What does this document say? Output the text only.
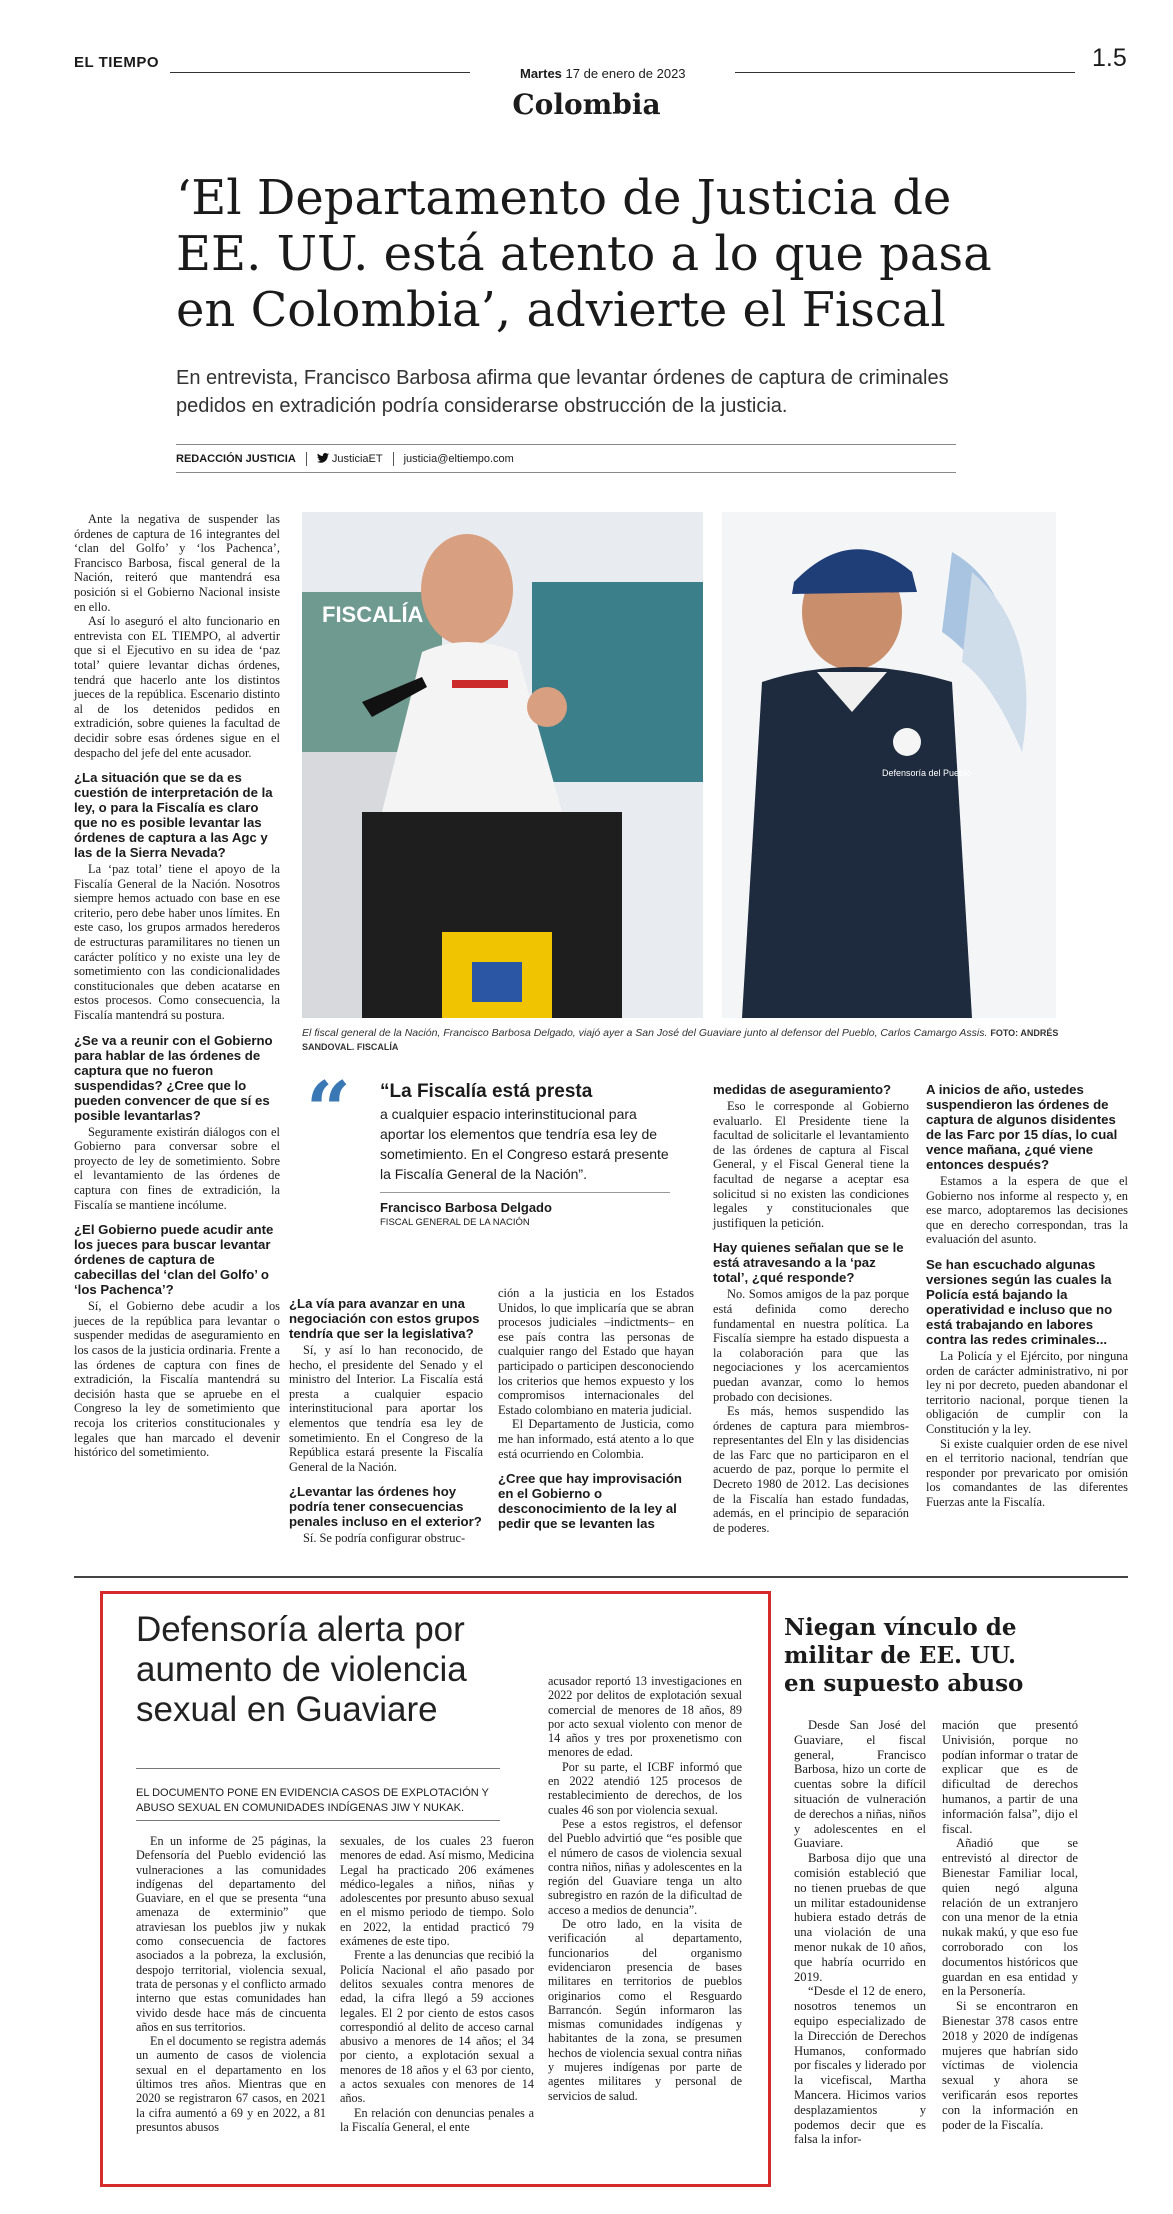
EL TIEMPO	1.5
Martes 17 de enero de 2023
Colombia
‘El Departamento de Justicia de EE. UU. está atento a lo que pasa en Colombia’, advierte el Fiscal
En entrevista, Francisco Barbosa afirma que levantar órdenes de captura de criminales pedidos en extradición podría considerarse obstrucción de la justicia.
REDACCIÓN JUSTICIA	JusticiaET justicia@eltiempo.com

Ante la negativa de suspender las órdenes de captura de 16 integrantes del ‘clan del Golfo’ y ‘los Pachenca’, Francisco Barbosa, fiscal general de la Nación, reiteró que mantendrá esa posición si el Gobierno Nacional insiste en ello.

Así lo aseguró el alto funcionario en entrevista con EL TIEMPO, al advertir que si el Ejecutivo en su idea de ‘paz total’ quiere levantar dichas órdenes, tendrá que hacerlo ante los distintos jueces de la república. Escenario distinto al de los detenidos pedidos en extradición, sobre quienes la facultad de decidir sobre esas órdenes sigue en el despacho del jefe del ente acusador.

¿La situación que se da es cuestión de interpretación de la ley, o para la Fiscalía es claro que no es posible levantar las órdenes de captura a las Agc y las de la Sierra Nevada?

La ‘paz total’ tiene el apoyo de la Fiscalía General de la Nación. Nosotros siempre hemos actuado con base en ese criterio, pero debe haber unos límites. En este caso, los grupos armados herederos de estructuras paramilitares no tienen un carácter político y no existe una ley de sometimiento con las condicionalidades constitucionales que deben acatarse en estos procesos. Como consecuencia, la Fiscalía mantendrá su postura.

¿Se va a reunir con el Gobierno para hablar de las órdenes de captura que no fueron suspendidas? ¿Cree que lo pueden convencer de que sí es posible levantarlas?

Seguramente existirán diálogos con el Gobierno para conversar sobre el proyecto de ley de sometimiento. Sobre el levantamiento de las órdenes de captura con fines de extradición, la Fiscalía se mantiene incólume.

¿El Gobierno puede acudir ante los jueces para buscar levantar órdenes de captura de cabecillas del ‘clan del Golfo’ o ‘los Pachenca’?

Sí, el Gobierno debe acudir a los jueces de la república para levantar o suspender medidas de aseguramiento en los casos de la justicia ordinaria. Frente a las órdenes de captura con fines de extradición, la Fiscalía mantendrá su decisión hasta que se apruebe en el Congreso la ley de sometimiento que recoja los criterios constitucionales y legales que han marcado el devenir histórico del sometimiento.

FISCALÍA
Defensoría del Pueblo
El fiscal general de la Nación, Francisco Barbosa Delgado, viajó ayer a San José del Guaviare junto al defensor del Pueblo, Carlos Camargo Assis. FOTO: ANDRÉS SANDOVAL. FISCALÍA
“ “La Fiscalía está presta
a cualquier espacio interinstitucional para aportar los elementos que tendría esa ley de sometimiento. En el Congreso estará presente la Fiscalía General de la Nación”.
Francisco Barbosa Delgado
FISCAL GENERAL DE LA NACIÓN

¿La vía para avanzar en una negociación con estos grupos tendría que ser la legislativa?

Sí, y así lo han reconocido, de hecho, el presidente del Senado y el ministro del Interior. La Fiscalía está presta a cualquier espacio interinstitucional para aportar los elementos que tendría esa ley de sometimiento. En el Congreso de la República estará presente la Fiscalía General de la Nación.

¿Levantar las órdenes hoy podría tener consecuencias penales incluso en el exterior?

Sí. Se podría configurar obstruc-

ción a la justicia en los Estados Unidos, lo que implicaría que se abran procesos judiciales –indictments– en ese país contra las personas de cualquier rango del Estado que hayan participado o participen desconociendo los criterios que hemos expuesto y los compromisos internacionales del Estado colombiano en materia judicial.

El Departamento de Justicia, como me han informado, está atento a lo que está ocurriendo en Colombia.

¿Cree que hay improvisación en el Gobierno o desconocimiento de la ley al pedir que se levanten las

medidas de aseguramiento?

Eso le corresponde al Gobierno evaluarlo. El Presidente tiene la facultad de solicitarle el levantamiento de las órdenes de captura al Fiscal General, y el Fiscal General tiene la facultad de negarse a aceptar esa solicitud si no existen las condiciones legales y constitucionales que justifiquen la petición.

Hay quienes señalan que se le está atravesando a la ‘paz total’, ¿qué responde?

No. Somos amigos de la paz porque está definida como derecho fundamental en nuestra política. La Fiscalía siempre ha estado dispuesta a la colaboración para que las negociaciones y los acercamientos puedan avanzar, como lo hemos probado con decisiones.

Es más, hemos suspendido las órdenes de captura para miembros-representantes del Eln y las disidencias de las Farc que no participaron en el acuerdo de paz, porque lo permite el Decreto 1980 de 2012. Las decisiones de la Fiscalía han estado fundadas, además, en el principio de separación de poderes.

A inicios de año, ustedes suspendieron las órdenes de captura de algunos disidentes de las Farc por 15 días, lo cual vence mañana, ¿qué viene entonces después?

Estamos a la espera de que el Gobierno nos informe al respecto y, en ese marco, adoptaremos las decisiones que en derecho correspondan, tras la evaluación del asunto.

Se han escuchado algunas versiones según las cuales la Policía está bajando la operatividad e incluso que no está trabajando en labores contra las redes criminales...

La Policía y el Ejército, por ninguna orden de carácter administrativo, ni por ley ni por decreto, pueden abandonar el territorio nacional, porque tienen la obligación de cumplir con la Constitución y la ley.

Si existe cualquier orden de ese nivel en el territorio nacional, tendrían que responder por prevaricato por omisión los comandantes de las diferentes Fuerzas ante la Fiscalía.

Defensoría alerta por aumento de violencia sexual en Guaviare
EL DOCUMENTO PONE EN EVIDENCIA CASOS DE EXPLOTACIÓN Y ABUSO SEXUAL EN COMUNIDADES INDÍGENAS JIW Y NUKAK.

En un informe de 25 páginas, la Defensoría del Pueblo evidenció las vulneraciones a las comunidades indígenas del departamento del Guaviare, en el que se presenta “una amenaza de exterminio” que atraviesan los pueblos jiw y nukak como consecuencia de factores asociados a la pobreza, la exclusión, despojo territorial, violencia sexual, trata de personas y el conflicto armado interno que estas comunidades han vivido desde hace más de cincuenta años en sus territorios.

En el documento se registra además un aumento de casos de violencia sexual en el departamento en los últimos tres años. Mientras que en 2020 se registraron 67 casos, en 2021 la cifra aumentó a 69 y en 2022, a 81 presuntos abusos

sexuales, de los cuales 23 fueron menores de edad. Así mismo, Medicina Legal ha practicado 206 exámenes médico-legales a niños, niñas y adolescentes por presunto abuso sexual en el mismo periodo de tiempo. Solo en 2022, la entidad practicó 79 exámenes de este tipo.

Frente a las denuncias que recibió la Policía Nacional el año pasado por delitos sexuales contra menores de edad, la cifra llegó a 59 acciones legales. El 2 por ciento de estos casos correspondió al delito de acceso carnal abusivo a menores de 14 años; el 34 por ciento, a explotación sexual a menores de 18 años y el 63 por ciento, a actos sexuales con menores de 14 años.

En relación con denuncias penales a la Fiscalía General, el ente

acusador reportó 13 investigaciones en 2022 por delitos de explotación sexual comercial de menores de 18 años, 89 por acto sexual violento con menor de 14 años y tres por proxenetismo con menores de edad.

Por su parte, el ICBF informó que en 2022 atendió 125 procesos de restablecimiento de derechos, de los cuales 46 son por violencia sexual.

Pese a estos registros, el defensor del Pueblo advirtió que “es posible que el número de casos de violencia sexual contra niños, niñas y adolescentes en la región del Guaviare tenga un alto subregistro en razón de la dificultad de acceso a medios de denuncia”.

De otro lado, en la visita de verificación al departamento, funcionarios del organismo evidenciaron presencia de bases militares en territorios de pueblos originarios como el Resguardo Barrancón. Según informaron las mismas comunidades indígenas y habitantes de la zona, se presumen hechos de violencia sexual contra niñas y mujeres indígenas por parte de agentes militares y personal de servicios de salud.

Niegan vínculo de militar de EE. UU. en supuesto abuso

Desde San José del Guaviare, el fiscal general, Francisco Barbosa, hizo un corte de cuentas sobre la difícil situación de vulneración de derechos a niñas, niños y adolescentes en el Guaviare.

Barbosa dijo que una comisión estableció que no tienen pruebas de que un militar estadounidense hubiera estado detrás de una violación de una menor nukak de 10 años, que habría ocurrido en 2019.

“Desde el 12 de enero, nosotros tenemos un equipo especializado de la Dirección de Derechos Humanos, conformado por fiscales y liderado por la vicefiscal, Martha Mancera. Hicimos varios desplazamientos y podemos decir que es falsa la infor-

mación que presentó Univisión, porque no podían informar o tratar de explicar que es de dificultad de derechos humanos, a partir de una información falsa”, dijo el fiscal.

Añadió que se entrevistó al director de Bienestar Familiar local, quien negó alguna relación de un extranjero con una menor de la etnia nukak makú, y que eso fue corroborado con los documentos históricos que guardan en esa entidad y en la Personería.

Si se encontraron en Bienestar 378 casos entre 2018 y 2020 de indígenas mujeres que habrían sido víctimas de violencia sexual y ahora se verificarán esos reportes con la información en poder de la Fiscalía.
